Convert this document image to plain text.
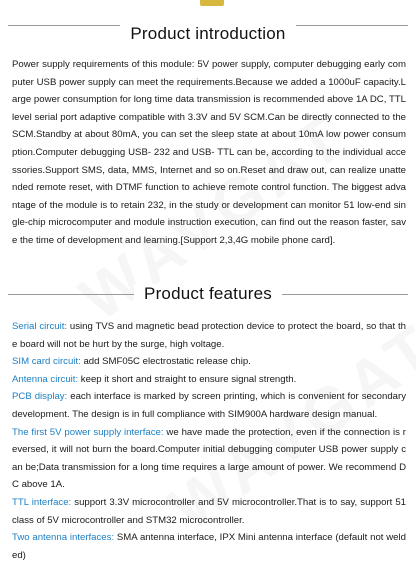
Product introduction
Power supply requirements of this module: 5V power supply, computer debugging early computer USB power supply can meet the requirements.Because we added a 1000uF capacity.Large power consumption for long time data transmission is recommended above 1A DC, TTL level serial port adaptive compatible with 3.3V and 5V SCM.Can be directly connected to the SCM.Standby at about 80mA, you can set the sleep state at about 10mA low power consumption.Computer debugging USB- 232 and USB- TTL can be, according to the individual accessories.Support SMS, data, MMS, Internet and so on.Reset and draw out, can realize unattended remote reset, with DTMF function to achieve remote control function. The biggest advantage of the module is to retain 232, in the study or development can monitor 51 low-end single-chip microcomputer and module instruction execution, can find out the reason faster, save the time of development and learning.[Support 2,3,4G mobile phone card].
Product features

Serial circuit: using TVS and magnetic bead protection device to protect the board, so that the board will not be hurt by the surge, high voltage.

SIM card circuit: add SMF05C electrostatic release chip.

Antenna circuit: keep it short and straight to ensure signal strength.

PCB display: each interface is marked by screen printing, which is convenient for secondary development. The design is in full compliance with SIM900A hardware design manual.

The first 5V power supply interface: we have made the protection, even if the connection is reversed, it will not burn the board.Computer initial debugging computer USB power supply can be;Data transmission for a long time requires a large amount of power. We recommend DC above 1A.

TTL interface: support 3.3V microcontroller and 5V microcontroller.That is to say, support 51 class of 5V microcontroller and STM32 microcontroller.

Two antenna interfaces: SMA antenna interface, IPX Mini antenna interface (default not welded)
